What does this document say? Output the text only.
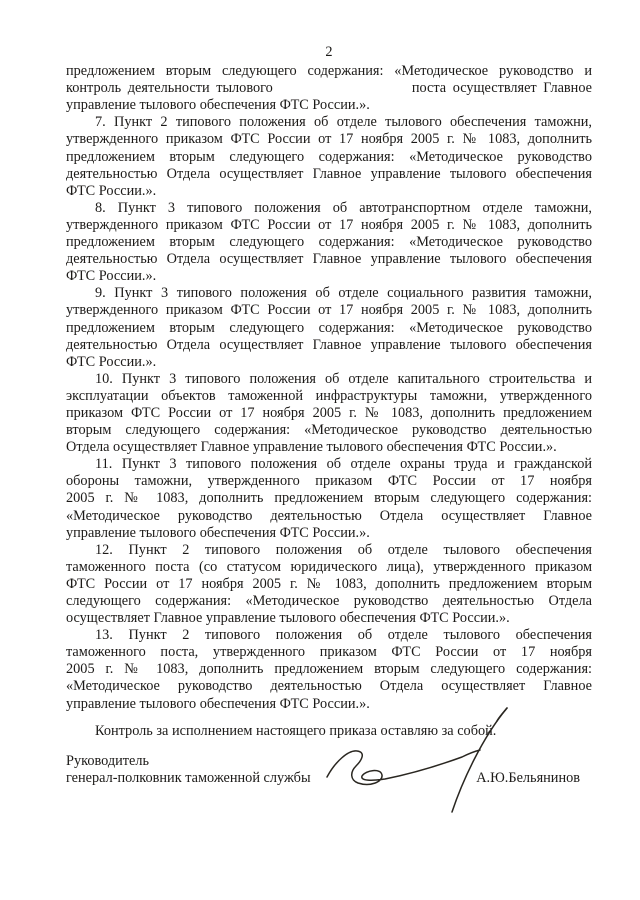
2
предложением вторым следующего содержания: «Методическое руководство и
контроль деятельности тылового	поста осуществляет Главное
управление тылового обеспечения ФТС России.».
7. Пункт 2 типового положения об отделе тылового обеспечения таможни,
утвержденного приказом ФТС России от 17 ноября 2005 г. № 1083, дополнить
предложением вторым следующего содержания: «Методическое руководство
деятельностью Отдела осуществляет Главное управление тылового обеспечения
ФТС России.».
8. Пункт 3 типового положения об автотранспортном отделе таможни,
утвержденного приказом ФТС России от 17 ноября 2005 г. № 1083, дополнить
предложением вторым следующего содержания: «Методическое руководство
деятельностью Отдела осуществляет Главное управление тылового обеспечения
ФТС России.».
9. Пункт 3 типового положения об отделе социального развития таможни,
утвержденного приказом ФТС России от 17 ноября 2005 г. № 1083, дополнить
предложением вторым следующего содержания: «Методическое руководство
деятельностью Отдела осуществляет Главное управление тылового обеспечения
ФТС России.».
10. Пункт 3 типового положения об отделе капитального строительства и
эксплуатации объектов таможенной инфраструктуры таможни, утвержденного
приказом ФТС России от 17 ноября 2005 г. № 1083, дополнить предложением
вторым следующего содержания: «Методическое руководство деятельностью
Отдела осуществляет Главное управление тылового обеспечения ФТС России.».
11. Пункт 3 типового положения об отделе охраны труда и гражданской
обороны таможни, утвержденного приказом ФТС России от 17 ноября
2005 г. № 1083, дополнить предложением вторым следующего содержания:
«Методическое руководство деятельностью Отдела осуществляет Главное
управление тылового обеспечения ФТС России.».
12. Пункт 2 типового положения об отделе тылового обеспечения
таможенного поста (со статусом юридического лица), утвержденного приказом
ФТС России от 17 ноября 2005 г. № 1083, дополнить предложением вторым
следующего содержания: «Методическое руководство деятельностью Отдела
осуществляет Главное управление тылового обеспечения ФТС России.».
13. Пункт 2 типового положения об отделе тылового обеспечения
таможенного поста, утвержденного приказом ФТС России от 17 ноября
2005 г. № 1083, дополнить предложением вторым следующего содержания:
«Методическое руководство деятельностью Отдела осуществляет Главное
управление тылового обеспечения ФТС России.».
Контроль за исполнением настоящего приказа оставляю за собой.
Руководитель
генерал-полковник таможенной службы	А.Ю.Бельянинов
